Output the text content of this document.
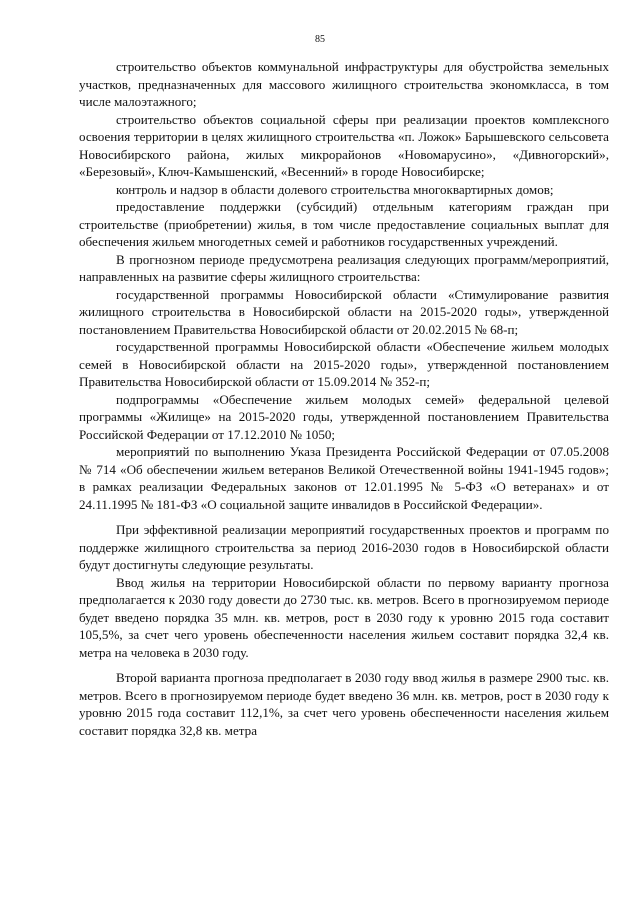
85

строительство объектов коммунальной инфраструктуры для обустройства земельных участков, предназначенных для массового жилищного строительства экономкласса, в том числе малоэтажного;

строительство объектов социальной сферы при реализации проектов комплексного освоения территории в целях жилищного строительства «п. Ложок» Барышевского сельсовета Новосибирского района, жилых микрорайонов «Новомарусино», «Дивногорский», «Березовый», Ключ-Камышенский, «Весенний» в городе Новосибирске;

контроль и надзор в области долевого строительства многоквартирных домов;

предоставление поддержки (субсидий) отдельным категориям граждан при строительстве (приобретении) жилья, в том числе предоставление социальных выплат для обеспечения жильем многодетных семей и работников государственных учреждений.

В прогнозном периоде предусмотрена реализация следующих программ/мероприятий, направленных на развитие сферы жилищного строительства:

государственной программы Новосибирской области «Стимулирование развития жилищного строительства в Новосибирской области на 2015-2020 годы», утвержденной постановлением Правительства Новосибирской области от 20.02.2015 № 68-п;

государственной программы Новосибирской области «Обеспечение жильем молодых семей в Новосибирской области на 2015-2020 годы», утвержденной постановлением Правительства Новосибирской области от 15.09.2014 № 352-п;

подпрограммы «Обеспечение жильем молодых семей» федеральной целевой программы «Жилище» на 2015-2020 годы, утвержденной постановлением Правительства Российской Федерации от 17.12.2010 № 1050;

мероприятий по выполнению Указа Президента Российской Федерации от 07.05.2008 № 714 «Об обеспечении жильем ветеранов Великой Отечественной войны 1941-1945 годов»; в рамках реализации Федеральных законов от 12.01.1995 № 5-ФЗ «О ветеранах» и от 24.11.1995 № 181-ФЗ «О социальной защите инвалидов в Российской Федерации».

При эффективной реализации мероприятий государственных проектов и программ по поддержке жилищного строительства за период 2016-2030 годов в Новосибирской области будут достигнуты следующие результаты.

Ввод жилья на территории Новосибирской области по первому варианту прогноза предполагается к 2030 году довести до 2730 тыс. кв. метров. Всего в прогнозируемом периоде будет введено порядка 35 млн. кв. метров, рост в 2030 году к уровню 2015 года составит 105,5%, за счет чего уровень обеспеченности населения жильем составит порядка 32,4 кв. метра на человека в 2030 году.

Второй варианта прогноза предполагает в 2030 году ввод жилья в размере 2900 тыс. кв. метров. Всего в прогнозируемом периоде будет введено 36 млн. кв. метров, рост в 2030 году к уровню 2015 года составит 112,1%, за счет чего уровень обеспеченности населения жильем составит порядка 32,8 кв. метра
